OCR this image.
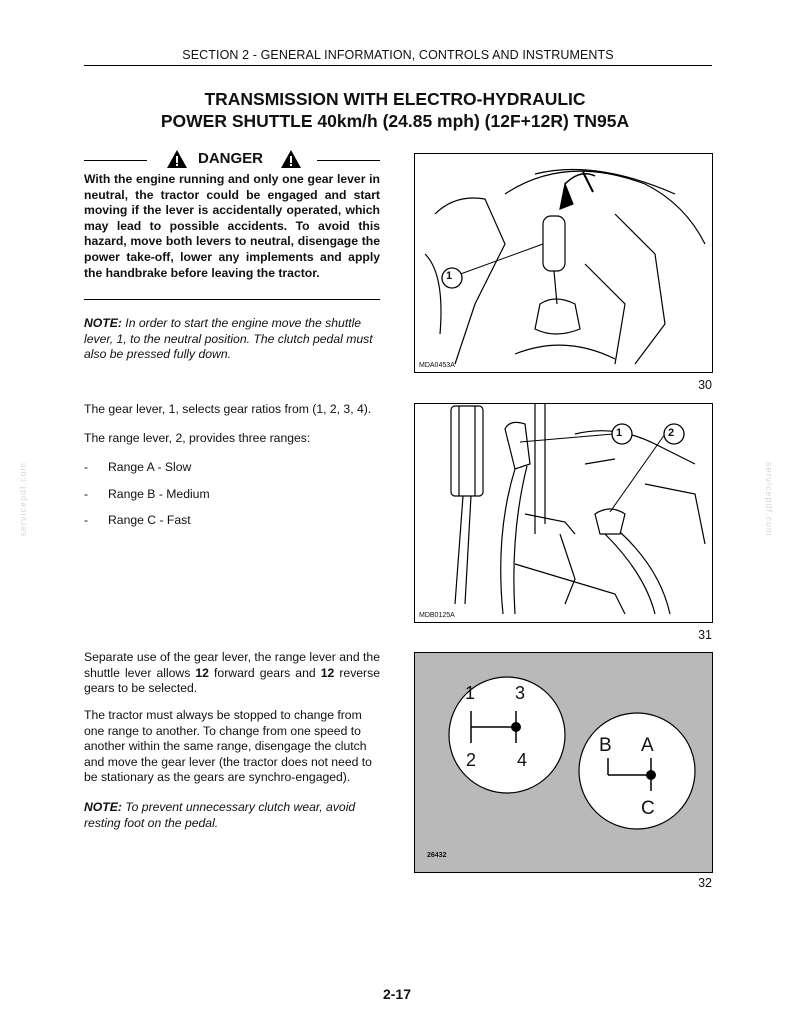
SECTION 2 - GENERAL INFORMATION, CONTROLS AND INSTRUMENTS
TRANSMISSION WITH ELECTRO-HYDRAULIC
POWER SHUTTLE 40km/h (24.85 mph) (12F+12R) TN95A
DANGER
With the engine running and only one gear lever in neutral, the tractor could be engaged and start moving if the lever is accidentally operated, which may lead to possible accidents. To avoid this hazard, move both levers to neutral, disengage the power take-off, lower any implements and apply the handbrake before leaving the tractor.
NOTE: In order to start the engine move the shuttle lever, 1, to the neutral position. The clutch pedal must also be pressed fully down.
The gear lever, 1, selects gear ratios from (1, 2, 3, 4).
The range lever, 2, provides three ranges:
- Range A - Slow
- Range B - Medium
- Range C - Fast
Separate use of the gear lever, the range lever and the shuttle lever allows 12 forward gears and 12 reverse gears to be selected.
The tractor must always be stopped to change from one range to another. To change from one speed to another within the same range, disengage the clutch and move the gear lever (the tractor does not need to be stationary as the gears are synchro-engaged).
NOTE: To prevent unnecessary clutch wear, avoid resting foot on the pedal.
1
MDA0453A
30
1	2
MDB0125A
31
1 3
2 4
B A
C
26432
32
servicepdf.com	servicepdf.com
2-17
